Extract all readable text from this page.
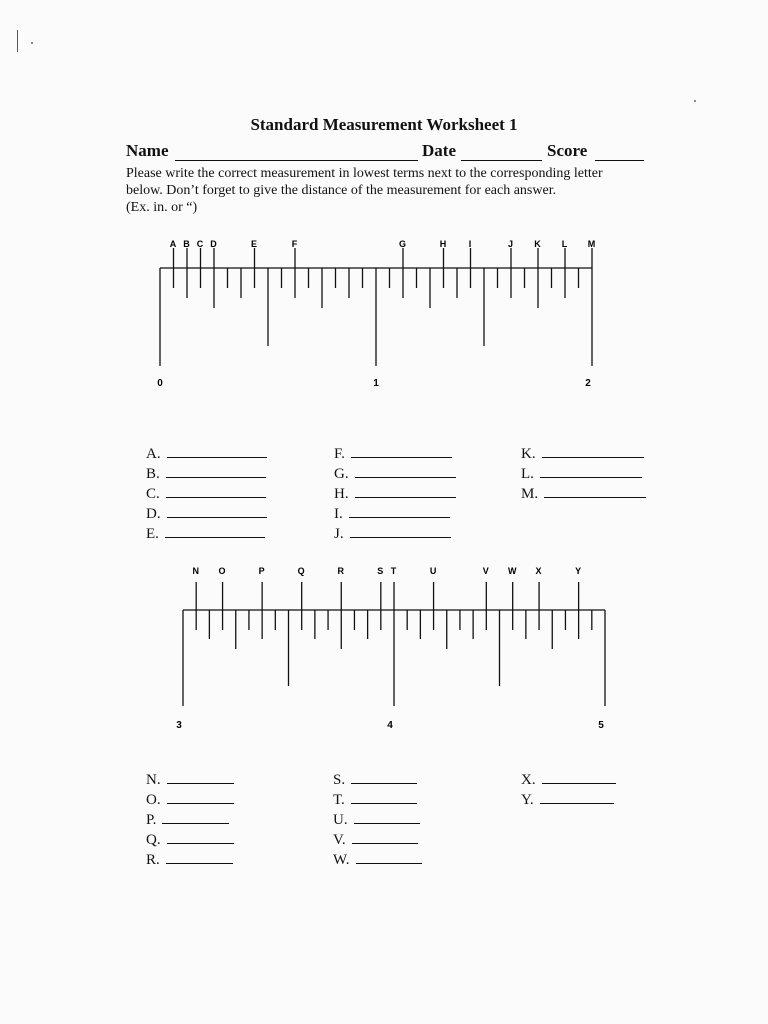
Standard Measurement Worksheet 1
Name	Date	Score
Please write the correct measurement in lowest terms next to the corresponding letter
below. Don’t forget to give the distance of the measurement for each answer.
(Ex. in. or “)
0	1	2
A B C D	E	F	G	H I	J K L M
A.
B.
C.
D.
E.
F.
G.
H.
I.
J.
K.
L.
M.
3	4	5
N O	P	Q	R	S T	U	V W X	Y
N.
O.
P.
Q.
R.
S.
T.
U.
V.
W.
X.
Y.
